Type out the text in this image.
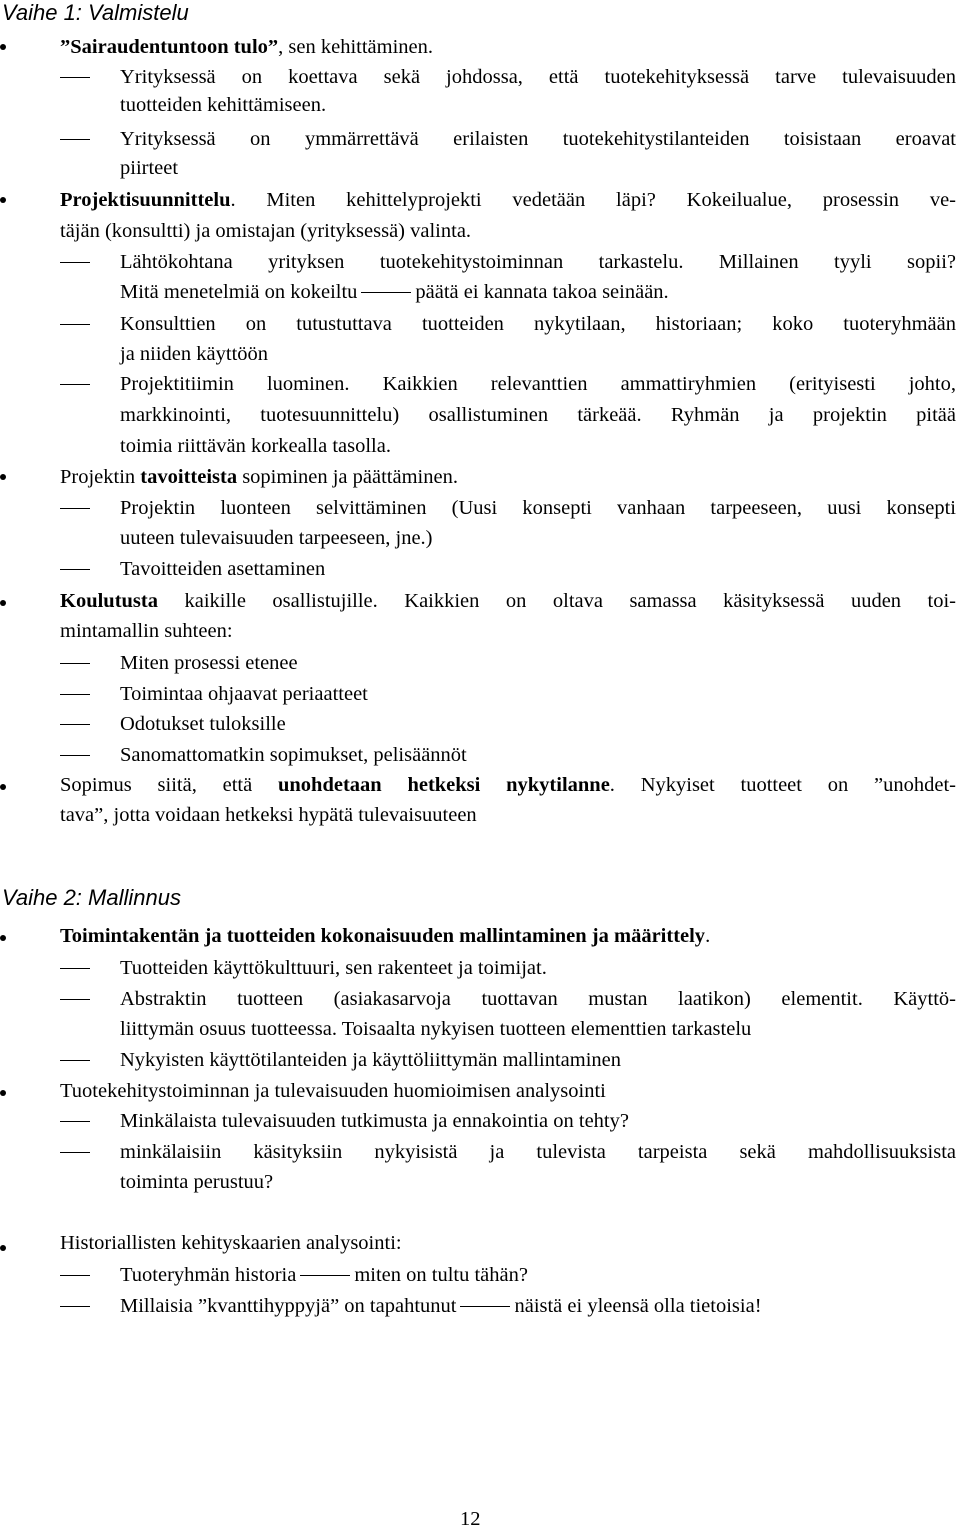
Vaihe 1: Valmistelu
”Sairaudentuntoon tulo”, sen kehittäminen.
Yrityksessä on koettava sekä johdossa, että tuotekehityksessä tarve tulevaisuuden
tuotteiden kehittämiseen.
Yrityksessä on ymmärrettävä erilaisten tuotekehitystilanteiden toisistaan eroavat
piirteet
Projektisuunnittelu. Miten kehittelyprojekti vedetään läpi? Kokeilualue, prosessin ve-
täjän (konsultti) ja omistajan (yrityksessä) valinta.
Lähtökohtana yrityksen tuotekehitystoiminnan tarkastelu. Millainen tyyli sopii?
Mitä menetelmiä on kokeiltu	päätä ei kannata takoa seinään.
Konsulttien on tutustuttava tuotteiden nykytilaan, historiaan; koko tuoteryhmään
ja niiden käyttöön
Projektitiimin luominen. Kaikkien relevanttien ammattiryhmien (erityisesti johto,
markkinointi, tuotesuunnittelu) osallistuminen tärkeää. Ryhmän ja projektin pitää
toimia riittävän korkealla tasolla.
Projektin tavoitteista sopiminen ja päättäminen.
Projektin luonteen selvittäminen (Uusi konsepti vanhaan tarpeeseen, uusi konsepti
uuteen tulevaisuuden tarpeeseen, jne.)
Tavoitteiden asettaminen
Koulutusta kaikille osallistujille. Kaikkien on oltava samassa käsityksessä uuden toi-
mintamallin suhteen:
Miten prosessi etenee
Toimintaa ohjaavat periaatteet
Odotukset tuloksille
Sanomattomatkin sopimukset, pelisäännöt
Sopimus siitä, että unohdetaan hetkeksi nykytilanne. Nykyiset tuotteet on ”unohdet-
tava”, jotta voidaan hetkeksi hypätä tulevaisuuteen
Vaihe 2: Mallinnus
Toimintakentän ja tuotteiden kokonaisuuden mallintaminen ja määrittely.
Tuotteiden käyttökulttuuri, sen rakenteet ja toimijat.
Abstraktin tuotteen (asiakasarvoja tuottavan mustan laatikon) elementit. Käyttö-
liittymän osuus tuotteessa. Toisaalta nykyisen tuotteen elementtien tarkastelu
Nykyisten käyttötilanteiden ja käyttöliittymän mallintaminen
Tuotekehitystoiminnan ja tulevaisuuden huomioimisen analysointi
Minkälaista tulevaisuuden tutkimusta ja ennakointia on tehty?
minkälaisiin käsityksiin nykyisistä ja tulevista tarpeista sekä mahdollisuuksista
toiminta perustuu?
Historiallisten kehityskaarien analysointi:
Tuoteryhmän historia	miten on tultu tähän?
Millaisia ”kvanttihyppyjä” on tapahtunut	näistä ei yleensä olla tietoisia!
12
